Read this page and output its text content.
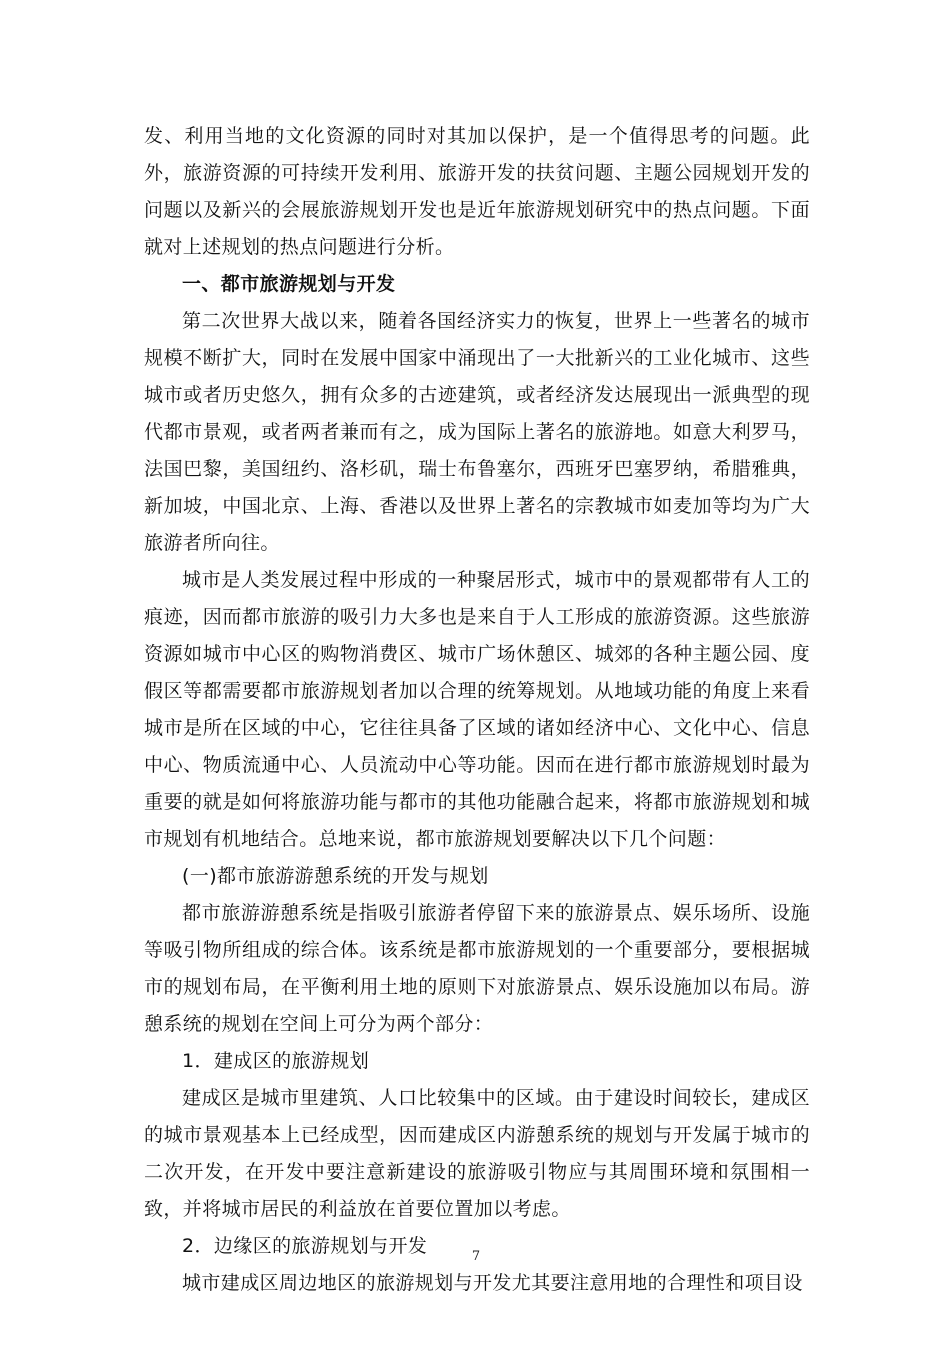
发、利用当地的文化资源的同时对其加以保护，是一个值得思考的问题。此外，旅游资源的可持续开发利用、旅游开发的扶贫问题、主题公园规划开发的问题以及新兴的会展旅游规划开发也是近年旅游规划研究中的热点问题。下面就对上述规划的热点问题进行分析。

一、都市旅游规划与开发

第二次世界大战以来，随着各国经济实力的恢复，世界上一些著名的城市规模不断扩大，同时在发展中国家中涌现出了一大批新兴的工业化城市、这些城市或者历史悠久，拥有众多的古迹建筑，或者经济发达展现出一派典型的现代都市景观，或者两者兼而有之，成为国际上著名的旅游地。如意大利罗马，法国巴黎，美国纽约、洛杉矶，瑞士布鲁塞尔，西班牙巴塞罗纳，希腊雅典，新加坡，中国北京、上海、香港以及世界上著名的宗教城市如麦加等均为广大旅游者所向往。

城市是人类发展过程中形成的一种聚居形式，城市中的景观都带有人工的痕迹，因而都市旅游的吸引力大多也是来自于人工形成的旅游资源。这些旅游资源如城市中心区的购物消费区、城市广场休憩区、城郊的各种主题公园、度假区等都需要都市旅游规划者加以合理的统筹规划。从地域功能的角度上来看城市是所在区域的中心，它往往具备了区域的诸如经济中心、文化中心、信息中心、物质流通中心、人员流动中心等功能。因而在进行都市旅游规划时最为重要的就是如何将旅游功能与都市的其他功能融合起来，将都市旅游规划和城市规划有机地结合。总地来说，都市旅游规划要解决以下几个问题：

(一)都市旅游游憩系统的开发与规划

都市旅游游憩系统是指吸引旅游者停留下来的旅游景点、娱乐场所、设施等吸引物所组成的综合体。该系统是都市旅游规划的一个重要部分，要根据城市的规划布局，在平衡利用土地的原则下对旅游景点、娱乐设施加以布局。游憩系统的规划在空间上可分为两个部分：

1．建成区的旅游规划

建成区是城市里建筑、人口比较集中的区域。由于建设时间较长，建成区的城市景观基本上已经成型，因而建成区内游憩系统的规划与开发属于城市的二次开发，在开发中要注意新建设的旅游吸引物应与其周围环境和氛围相一致，并将城市居民的利益放在首要位置加以考虑。

2．边缘区的旅游规划与开发

城市建成区周边地区的旅游规划与开发尤其要注意用地的合理性和项目设

7
